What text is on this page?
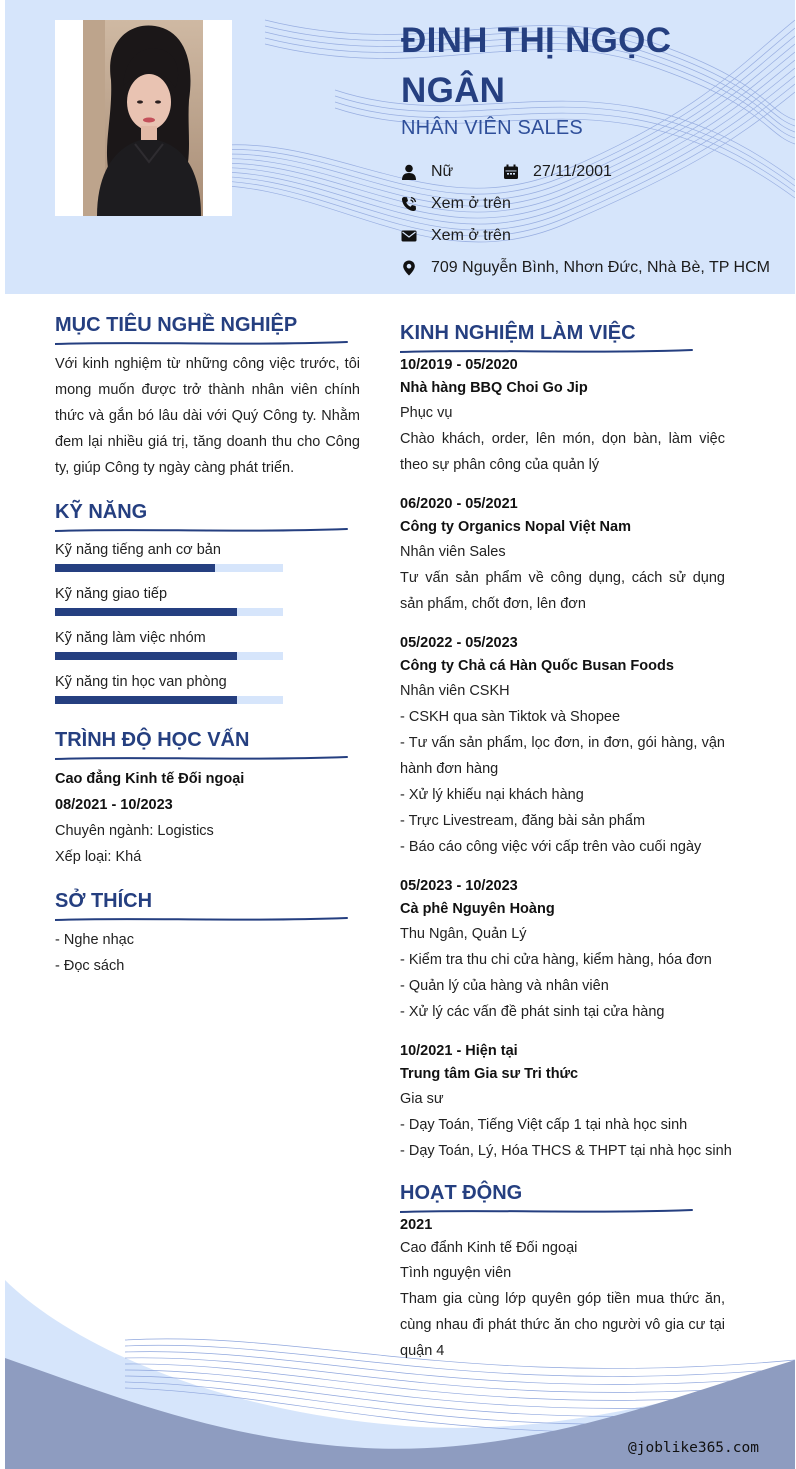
ĐINH THỊ NGỌC NGÂN
NHÂN VIÊN SALES
Nữ	27/11/2001
Xem ở trên
Xem ở trên
709 Nguyễn Bình, Nhơn Đức, Nhà Bè, TP HCM
@joblike365.com
MỤC TIÊU NGHỀ NGHIỆP
Với kinh nghiệm từ những công việc trước, tôi mong muốn được trở thành nhân viên chính thức và gắn bó lâu dài với Quý Công ty. Nhằm đem lại nhiều giá trị, tăng doanh thu cho Công ty, giúp Công ty ngày càng phát triển.
KỸ NĂNG
Kỹ năng tiếng anh cơ bản
Kỹ năng giao tiếp
Kỹ năng làm việc nhóm
Kỹ năng tin học van phòng
TRÌNH ĐỘ HỌC VẤN
Cao đẳng Kinh tế Đối ngoại
08/2021 - 10/2023
Chuyên ngành: Logistics
Xếp loại: Khá
SỞ THÍCH
- Nghe nhạc
- Đọc sách
KINH NGHIỆM LÀM VIỆC
10/2019 - 05/2020
Nhà hàng BBQ Choi Go Jip
Phục vụ
Chào khách, order, lên món, dọn bàn, làm việc theo sự phân công của quản lý
06/2020 - 05/2021
Công ty Organics Nopal Việt Nam
Nhân viên Sales
Tư vấn sản phẩm về công dụng, cách sử dụng sản phẩm, chốt đơn, lên đơn
05/2022 - 05/2023
Công ty Chả cá Hàn Quốc Busan Foods
Nhân viên CSKH
- CSKH qua sàn Tiktok và Shopee
- Tư vấn sản phẩm, lọc đơn, in đơn, gói hàng, vận hành đơn hàng
- Xử lý khiếu nại khách hàng
- Trực Livestream, đăng bài sản phẩm
- Báo cáo công việc với cấp trên vào cuối ngày
05/2023 - 10/2023
Cà phê Nguyên Hoàng
Thu Ngân, Quản Lý
- Kiểm tra thu chi cửa hàng, kiểm hàng, hóa đơn
- Quản lý của hàng và nhân viên
- Xử lý các vấn đề phát sinh tại cửa hàng
10/2021 - Hiện tại
Trung tâm Gia sư Tri thức
Gia sư
- Dạy Toán, Tiếng Việt cấp 1 tại nhà học sinh
- Dạy Toán, Lý, Hóa THCS & THPT tại nhà học sinh
HOẠT ĐỘNG
2021
Cao đẩnh Kinh tế Đối ngoại
Tình nguyện viên
Tham gia cùng lớp quyên góp tiền mua thức ăn, cùng nhau đi phát thức ăn cho người vô gia cư tại quận 4
